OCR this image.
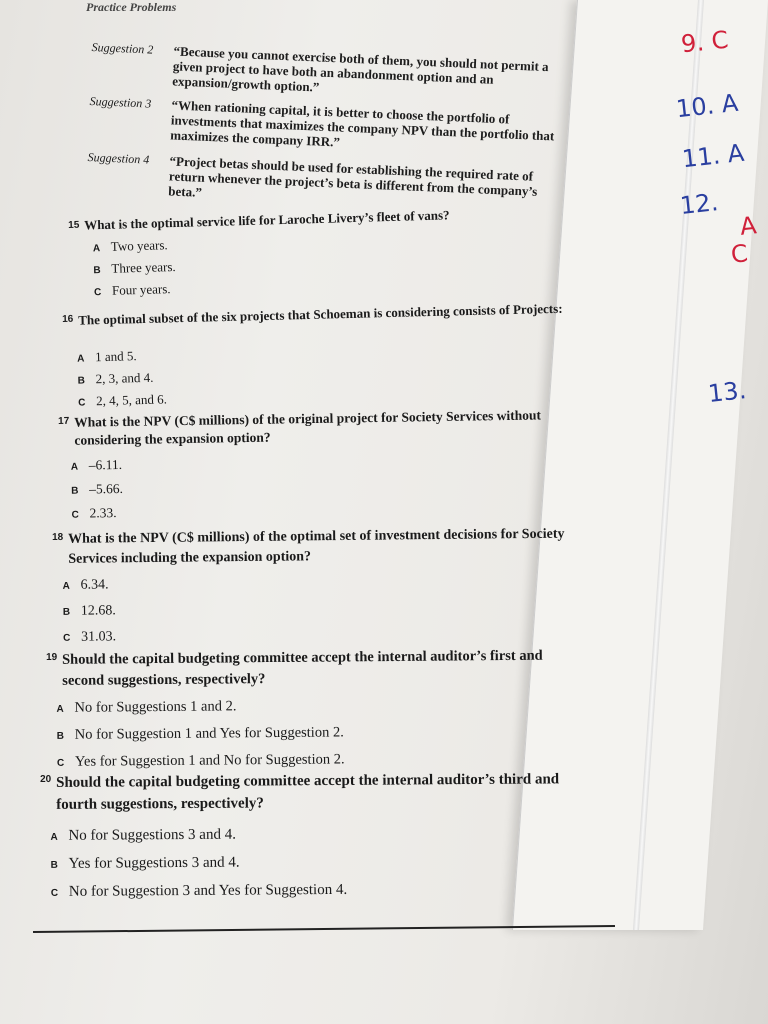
9. C
10. A
11. A
12.
A
C
13.
Practice Problems
Suggestion 2	“Because you cannot exercise both of them, you should not permit a given project to have both an abandonment option and an expansion/growth option.”
Suggestion 3	“When rationing capital, it is better to choose the portfolio of investments that maximizes the company NPV than the portfolio that maximizes the company IRR.”
Suggestion 4	“Project betas should be used for establishing the required rate of return whenever the project’s beta is different from the company’s beta.”
15 What is the optimal service life for Laroche Livery’s fleet of vans?
A Two years.
B Three years.
C Four years.
16 The optimal subset of the six projects that Schoeman is considering consists of Projects:
A 1 and 5.
B 2, 3, and 4.
C 2, 4, 5, and 6.
17 What is the NPV (C$ millions) of the original project for Society Services without considering the expansion option?
A –6.11.
B –5.66.
C 2.33.
18 What is the NPV (C$ millions) of the optimal set of investment decisions for Society Services including the expansion option?
A 6.34.
B 12.68.
C 31.03.
19 Should the capital budgeting committee accept the internal auditor’s first and second suggestions, respectively?
A No for Suggestions 1 and 2.
B No for Suggestion 1 and Yes for Suggestion 2.
C Yes for Suggestion 1 and No for Suggestion 2.
20 Should the capital budgeting committee accept the internal auditor’s third and fourth suggestions, respectively?
A No for Suggestions 3 and 4.
B Yes for Suggestions 3 and 4.
C No for Suggestion 3 and Yes for Suggestion 4.
